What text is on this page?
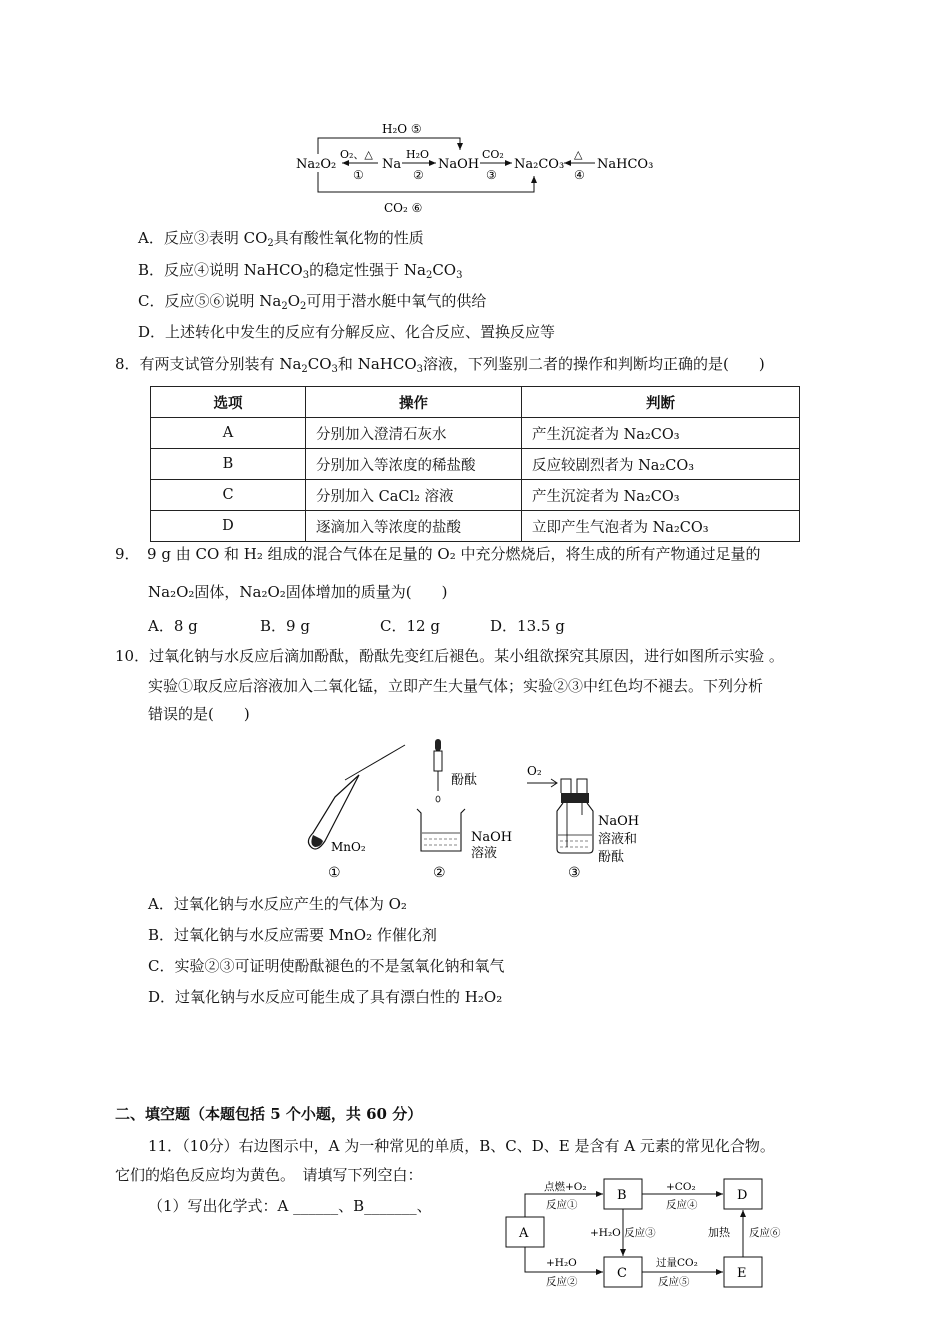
H₂O ⑤
Na₂O₂
O₂、△
①
Na
H₂O
②
NaOH
CO₂
③
Na₂CO₃
△
④
NaHCO₃
CO₂ ⑥
A．反应③表明 $CO_2$具有酸性氧化物的性质
B．反应④说明 NaHCO$_3$的稳定性强于 $Na_2CO_3$
C．反应⑤⑥说明 $Na_2O_2$可用于潜水艇中氧气的供给
D．上述转化中发生的反应有分解反应、化合反应、置换反应等
8．有两支试管分别装有 $Na_2CO_3$和 NaHCO$_3$溶液，下列鉴别二者的操作和判断均正确的是(　　)
选项	操作	判断
A	分别加入澄清石灰水	产生沉淀者为 Na₂CO₃
B	分别加入等浓度的稀盐酸	反应较剧烈者为 Na₂CO₃
C	分别加入 CaCl₂ 溶液	产生沉淀者为 Na₂CO₃
D	逐滴加入等浓度的盐酸	立即产生气泡者为 Na₂CO₃
9．　9 g 由 CO 和 H₂ 组成的混合气体在足量的 O₂ 中充分燃烧后，将生成的所有产物通过足量的
Na₂O₂固体，Na₂O₂固体增加的质量为(　　)
A．8 g	B．9 g	C．12 g	D．13.5 g
10．过氧化钠与水反应后滴加酚酞，酚酞先变红后褪色。某小组欲探究其原因，进行如图所示实验 。
实验①取反应后溶液加入二氧化锰，立即产生大量气体；实验②③中红色均不褪去。下列分析
错误的是(　　)
MnO₂
①
酚酞
NaOH
溶液
②
O₂
NaOH
溶液和
酚酞
③
A．过氧化钠与水反应产生的气体为 O₂
B．过氧化钠与水反应需要 MnO₂ 作催化剂
C．实验②③可证明使酚酞褪色的不是氢氧化钠和氧气
D．过氧化钠与水反应可能生成了具有漂白性的 H₂O₂
二、填空题（本题包括 5 个小题，共 60 分）
11．（10分）右边图示中，A 为一种常见的单质，B、C、D、E 是含有 A 元素的常见化合物。
它们的焰色反应均为黄色。　请填写下列空白：
（1）写出化学式：A ______、B_______、
A
B
C
D
E
点燃+O₂
反应①
+H₂O
反应②
+H₂O 反应③
+CO₂
反应④
过量CO₂
反应⑤
加热 反应⑥
